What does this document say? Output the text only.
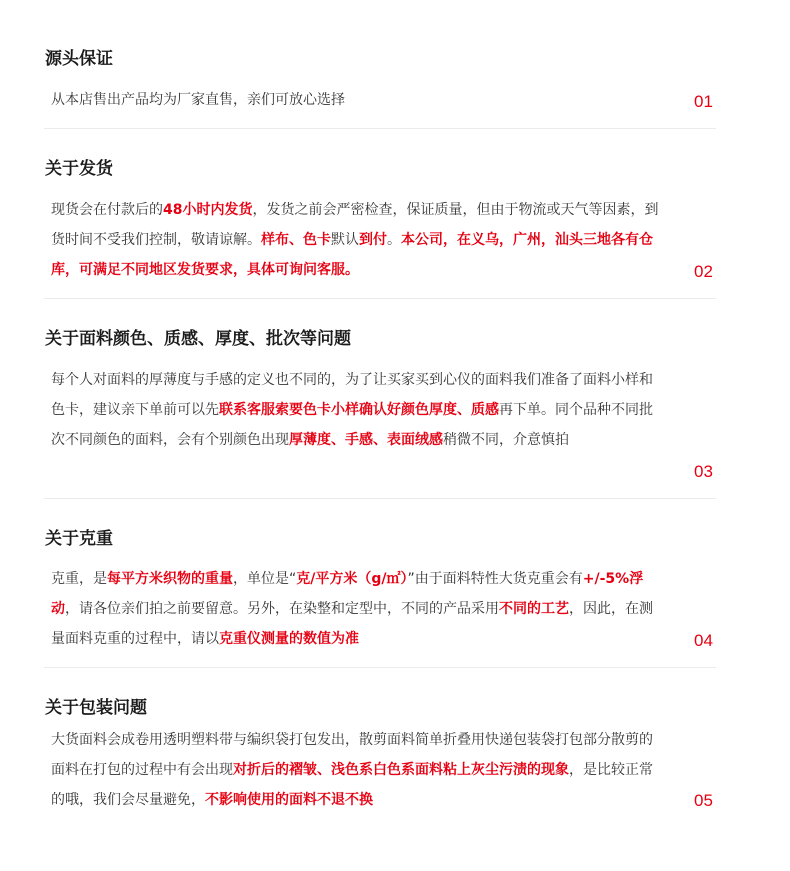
源头保证

从本店售出产品均为厂家直售，亲们可放心选择	01
关于发货

现货会在付款后的48小时内发货，发货之前会严密检查，保证质量，但由于物流或天气等因素，到货时间不受我们控制，敬请谅解。样布、色卡默认到付。本公司，在义乌，广州，汕头三地各有仓库，可满足不同地区发货要求，具体可询问客服。	02
关于面料颜色、质感、厚度、批次等问题

每个人对面料的厚薄度与手感的定义也不同的，为了让买家买到心仪的面料我们准备了面料小样和色卡，建议亲下单前可以先联系客服索要色卡小样确认好颜色厚度、质感再下单。同个品种不同批次不同颜色的面料，会有个别颜色出现厚薄度、手感、表面绒感稍微不同，介意慎拍

03
关于克重

克重，是每平方米织物的重量，单位是“克/平方米（g/㎡）”由于面料特性大货克重会有+/-5%浮动，请各位亲们拍之前要留意。另外，在染整和定型中，不同的产品采用不同的工艺，因此，在测量面料克重的过程中，请以克重仪测量的数值为准	04
关于包装问题

大货面料会成卷用透明塑料带与编织袋打包发出，散剪面料简单折叠用快递包装袋打包部分散剪的面料在打包的过程中有会出现对折后的褶皱、浅色系白色系面料粘上灰尘污渍的现象，是比较正常的哦，我们会尽量避免，不影响使用的面料不退不换	05
